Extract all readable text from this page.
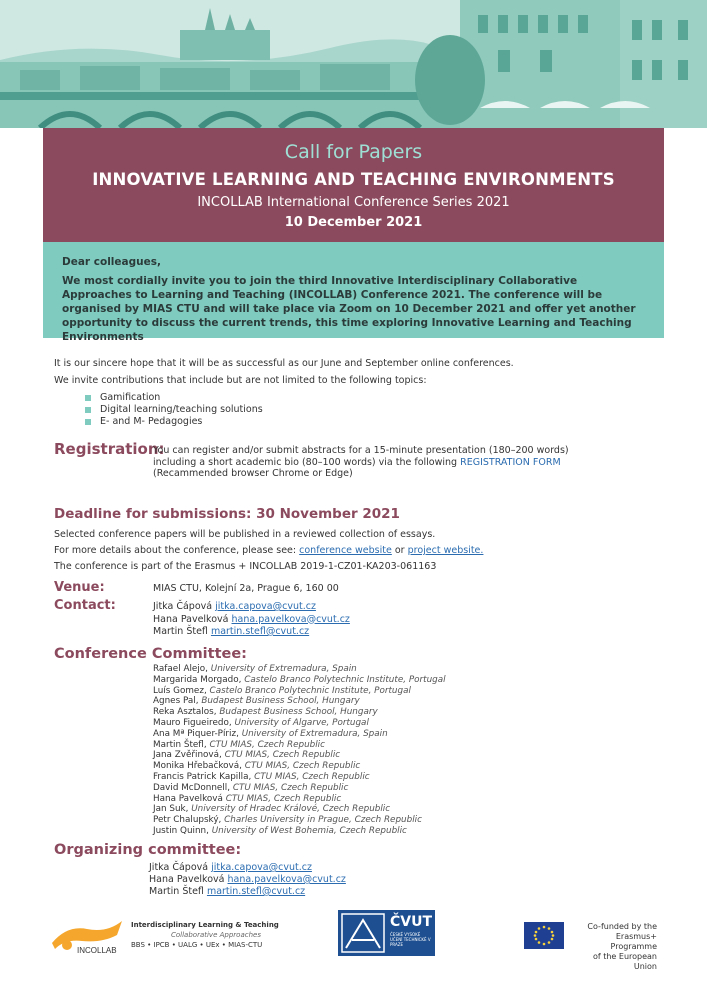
Call for Papers
INNOVATIVE LEARNING AND TEACHING ENVIRONMENTS
INCOLLAB International Conference Series 2021
10 December 2021
Dear colleagues,
We most cordially invite you to join the third Innovative Interdisciplinary Collaborative Approaches to Learning and Teaching (INCOLLAB) Conference 2021. The conference will be organised by MIAS CTU and will take place via Zoom on 10 December 2021 and offer yet another opportunity to discuss the current trends, this time exploring Innovative Learning and Teaching Environments
It is our sincere hope that it will be as successful as our June and September online conferences.
We invite contributions that include but are not limited to the following topics:
Gamification
Digital learning/teaching solutions
E- and M- Pedagogies
Registration:
You can register and/or submit abstracts for a 15-minute presentation (180–200 words)
including a short academic bio (80–100 words) via the following REGISTRATION FORM
(Recammended browser Chrome or Edge)
Deadline for submissions: 30 November 2021
Selected conference papers will be published in a reviewed collection of essays.
For more details about the conference, please see: conference website or project website.
The conference is part of the Erasmus + INCOLLAB 2019-1-CZ01-KA203-061163
Venue:	MIAS CTU, Kolejní 2a, Prague 6, 160 00
Contact:	Jitka Čápová jitka.capova@cvut.cz
Hana Pavelková hana.pavelkova@cvut.cz
Martin Štefl martin.stefl@cvut.cz
Conference Committee:
Rafael Alejo, University of Extremadura, Spain
Margarida Morgado, Castelo Branco Polytechnic Institute, Portugal
Luís Gomez, Castelo Branco Polytechnic Institute, Portugal
Agnes Pal, Budapest Business School, Hungary
Reka Asztalos, Budapest Business School, Hungary
Mauro Figueiredo, University of Algarve, Portugal
Ana Mª Piquer-Píriz, University of Extremadura, Spain
Martin Štefl, CTU MIAS, Czech Republic
Jana Zvěřinová, CTU MIAS, Czech Republic
Monika Hřebačková, CTU MIAS, Czech Republic
Francis Patrick Kapilla, CTU MIAS, Czech Republic
David McDonnell, CTU MIAS, Czech Republic
Hana Pavelková CTU MIAS, Czech Republic
Jan Suk, University of Hradec Králové, Czech Republic
Petr Chalupský, Charles University in Prague, Czech Republic
Justin Quinn, University of West Bohemia, Czech Republic
Organizing committee:
Jitka Čápová jitka.capova@cvut.cz
Hana Pavelková hana.pavelkova@cvut.cz
Martin Štefl martin.stefl@cvut.cz
INCOLLAB
Interdisciplinary Learning & Teaching
Collaborative Approaches
BBS • IPCB • UALG • UEx • MIAS-CTU
ČVUT
ČESKÉ VYSOKÉ UČENÍ TECHNICKÉ V PRAZE
Co-funded by the
Erasmus+ Programme
of the European Union
